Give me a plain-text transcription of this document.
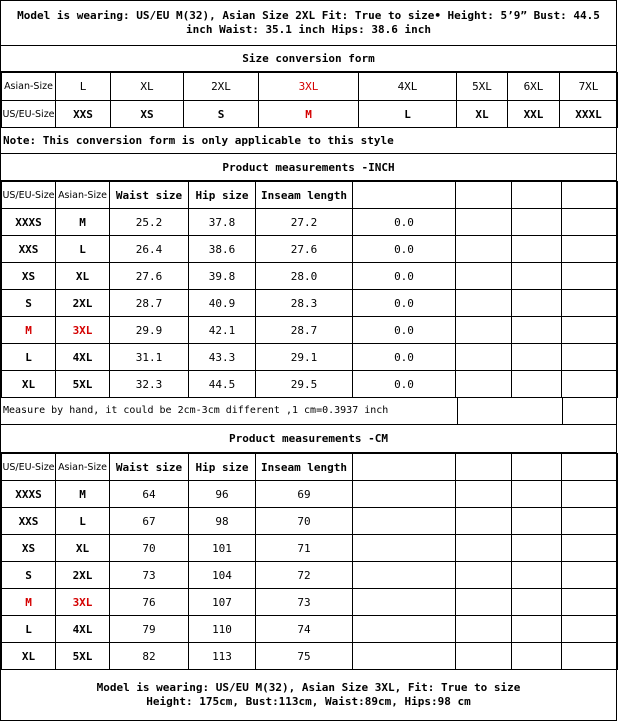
Model is wearing: US/EU M(32), Asian Size 2XL Fit: True to size• Height: 5’9” Bust: 44.5 inch Waist: 35.1 inch Hips: 38.6 inch
Size conversion form
Asian-Size	L	XL	2XL	3XL	4XL	5XL	6XL	7XL
US/EU-Size	XXS	XS	S	M	L	XL	XXL	XXXL
Note: This conversion form is only applicable to this style
Product measurements -INCH
US/EU-Size	Asian-Size	Waist size	Hip size	Inseam length				
XXXS	M	25.2	37.8	27.2	0.0			
XXS	L	26.4	38.6	27.6	0.0			
XS	XL	27.6	39.8	28.0	0.0			
S	2XL	28.7	40.9	28.3	0.0			
M	3XL	29.9	42.1	28.7	0.0			
L	4XL	31.1	43.3	29.1	0.0			
XL	5XL	32.3	44.5	29.5	0.0			
Measure by hand, it could be 2cm-3cm different ,1 cm=0.3937 inch
Product measurements -CM
US/EU-Size	Asian-Size	Waist size	Hip size	Inseam length				
XXXS	M	64	96	69				
XXS	L	67	98	70				
XS	XL	70	101	71				
S	2XL	73	104	72				
M	3XL	76	107	73				
L	4XL	79	110	74				
XL	5XL	82	113	75				
Model is wearing: US/EU M(32), Asian Size 3XL, Fit: True to size
Height: 175cm, Bust:113cm, Waist:89cm, Hips:98 cm
